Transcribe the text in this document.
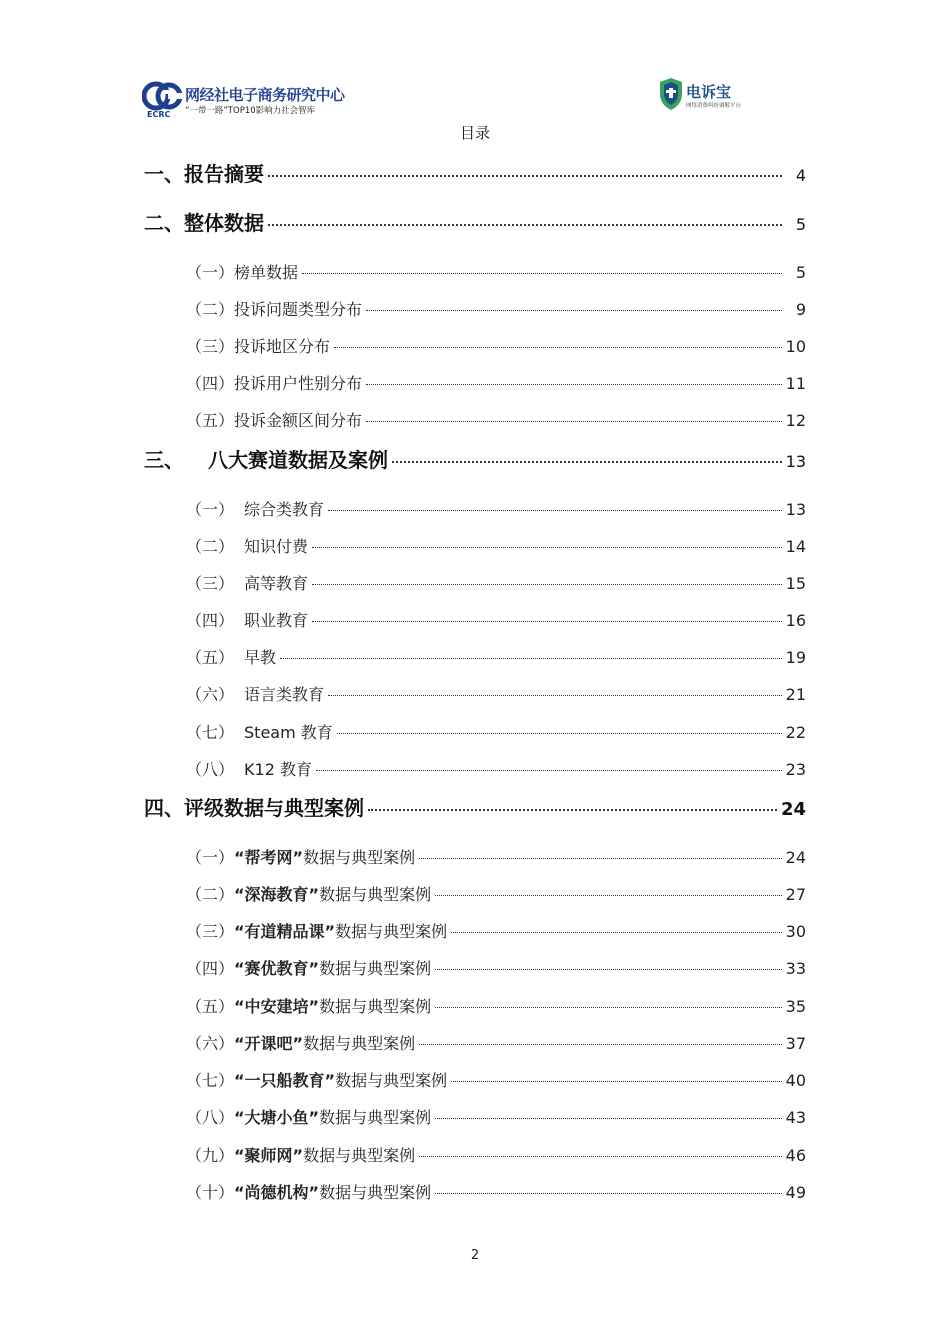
ECRC
网经社电子商务研究中心
“一带一路”TOP10影响力社会智库
电诉宝
网络消费纠纷调解平台
目录
一、报告摘要	4
二、整体数据	5
（一）榜单数据	5
（二）投诉问题类型分布	9
（三）投诉地区分布	10
（四）投诉用户性别分布	11
（五）投诉金额区间分布	12
三、 八大赛道数据及案例	13
（一） 综合类教育	13
（二） 知识付费	14
（三） 高等教育	15
（四） 职业教育	16
（五） 早教	19
（六） 语言类教育	21
（七） Steam 教育	22
（八） K12 教育	23
四、评级数据与典型案例	24
（一） “帮考网” 数据与典型案例	24
（二） “深海教育” 数据与典型案例	27
（三） “有道精品课” 数据与典型案例	30
（四） “赛优教育” 数据与典型案例	33
（五） “中安建培” 数据与典型案例	35
（六） “开课吧” 数据与典型案例	37
（七） “一只船教育” 数据与典型案例	40
（八） “大塘小鱼” 数据与典型案例	43
（九） “聚师网” 数据与典型案例	46
（十） “尚德机构” 数据与典型案例	49
2
